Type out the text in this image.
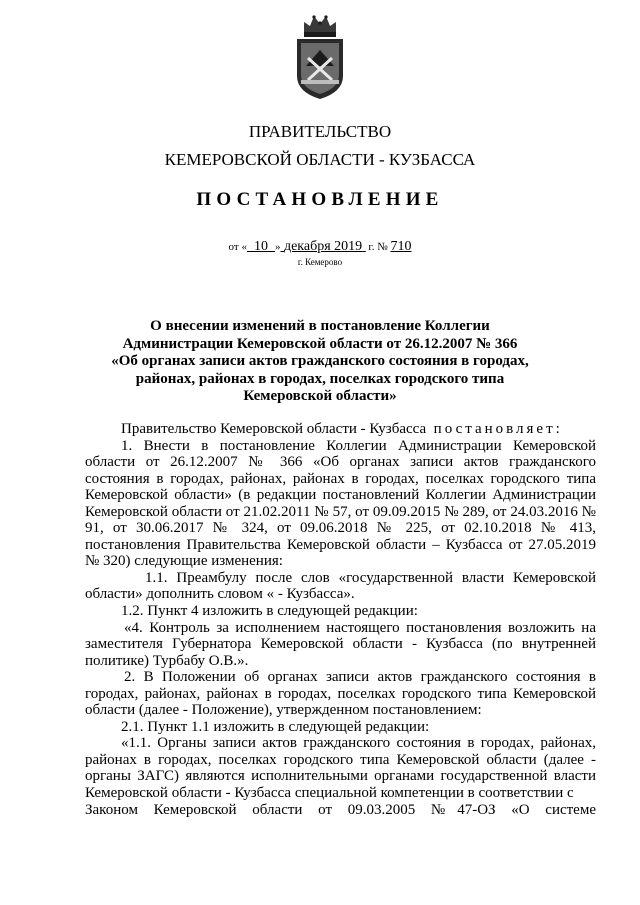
ПРАВИТЕЛЬСТВО
КЕМЕРОВСКОЙ ОБЛАСТИ - КУЗБАССА
ПОСТАНОВЛЕНИЕ
от « 10 » декабря 2019 г. № 710
г. Кемерово
О внесении изменений в постановление Коллегии Администрации Кемеровской области от 26.12.2007 № 366 «Об органах записи актов гражданского состояния в городах, районах, районах в городах, поселках городского типа Кемеровской области»

Правительство Кемеровской области - Кузбасса постановляет:

1. Внести в постановление Коллегии Администрации Кемеровской области от 26.12.2007 № 366 «Об органах записи актов гражданского состояния в городах, районах, районах в городах, поселках городского типа Кемеровской области» (в редакции постановлений Коллегии Администрации Кемеровской области от 21.02.2011 № 57, от 09.09.2015 № 289, от 24.03.2016 № 91, от 30.06.2017 № 324, от 09.06.2018 № 225, от 02.10.2018 № 413, постановления Правительства Кемеровской области – Кузбасса от 27.05.2019 № 320) следующие изменения:

1.1. Преамбулу после слов «государственной власти Кемеровской области» дополнить словом « - Кузбасса».

1.2. Пункт 4 изложить в следующей редакции:

«4. Контроль за исполнением настоящего постановления возложить на заместителя Губернатора Кемеровской области - Кузбасса (по внутренней политике) Турбабу О.В.».

2. В Положении об органах записи актов гражданского состояния в городах, районах, районах в городах, поселках городского типа Кемеровской области (далее - Положение), утвержденном постановлением:

2.1. Пункт 1.1 изложить в следующей редакции:

«1.1. Органы записи актов гражданского состояния в городах, районах, районах в городах, поселках городского типа Кемеровской области (далее - органы ЗАГС) являются исполнительными органами государственной власти Кемеровской области - Кузбасса специальной компетенции в соответствии с

Законом Кемеровской области от 09.03.2005 №47-ОЗ «О системе
